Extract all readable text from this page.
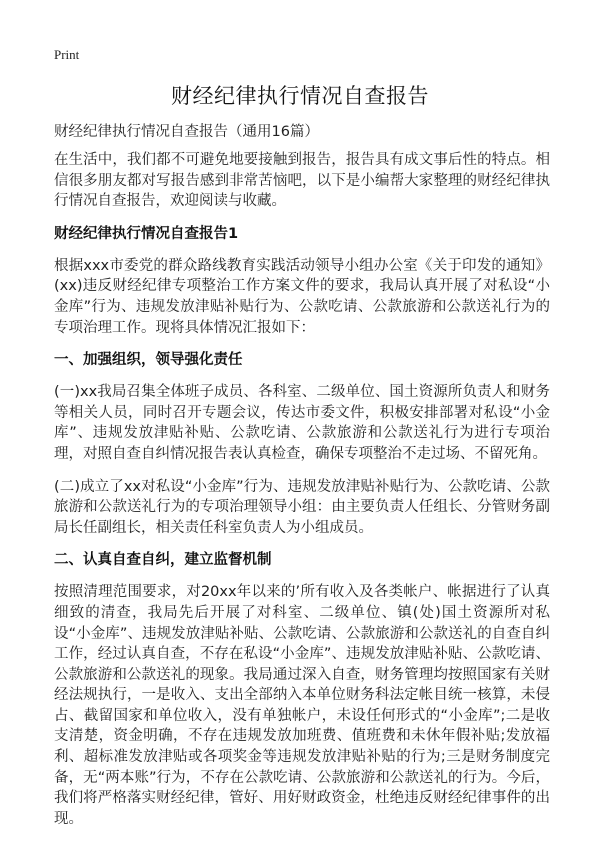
Print
财经纪律执行情况自查报告
财经纪律执行情况自查报告（通用16篇）

在生活中，我们都不可避免地要接触到报告，报告具有成文事后性的特点。相信很多朋友都对写报告感到非常苦恼吧，以下是小编帮大家整理的财经纪律执行情况自查报告，欢迎阅读与收藏。

财经纪律执行情况自查报告1

根据xxx市委党的群众路线教育实践活动领导小组办公室《关于印发的通知》(xx)违反财经纪律专项整治工作方案文件的要求，我局认真开展了对私设“小金库”行为、违规发放津贴补贴行为、公款吃请、公款旅游和公款送礼行为的专项治理工作。现将具体情况汇报如下：

一、加强组织，领导强化责任

(一)xx我局召集全体班子成员、各科室、二级单位、国土资源所负责人和财务等相关人员，同时召开专题会议，传达市委文件，积极安排部署对私设“小金库”、违规发放津贴补贴、公款吃请、公款旅游和公款送礼行为进行专项治理，对照自查自纠情况报告表认真检查，确保专项整治不走过场、不留死角。

(二)成立了xx对私设“小金库”行为、违规发放津贴补贴行为、公款吃请、公款旅游和公款送礼行为的专项治理领导小组：由主要负责人任组长、分管财务副局长任副组长，相关责任科室负责人为小组成员。

二、认真自查自纠，建立监督机制

按照清理范围要求，对20xx年以来的’所有收入及各类帐户、帐据进行了认真细致的清查，我局先后开展了对科室、二级单位、镇(处)国土资源所对私设“小金库”、违规发放津贴补贴、公款吃请、公款旅游和公款送礼的自查自纠工作，经过认真自查，不存在私设“小金库”、违规发放津贴补贴、公款吃请、公款旅游和公款送礼的现象。我局通过深入自查，财务管理均按照国家有关财经法规执行，一是收入、支出全部纳入本单位财务科法定帐目统一核算，未侵占、截留国家和单位收入，没有单独帐户，未设任何形式的“小金库”;二是收支清楚，资金明确，不存在违规发放加班费、值班费和未休年假补贴;发放福利、超标准发放津贴或各项奖金等违规发放津贴补贴的行为;三是财务制度完备，无“两本账”行为，不存在公款吃请、公款旅游和公款送礼的行为。今后，我们将严格落实财经纪律，管好、用好财政资金，杜绝违反财经纪律事件的出现。
